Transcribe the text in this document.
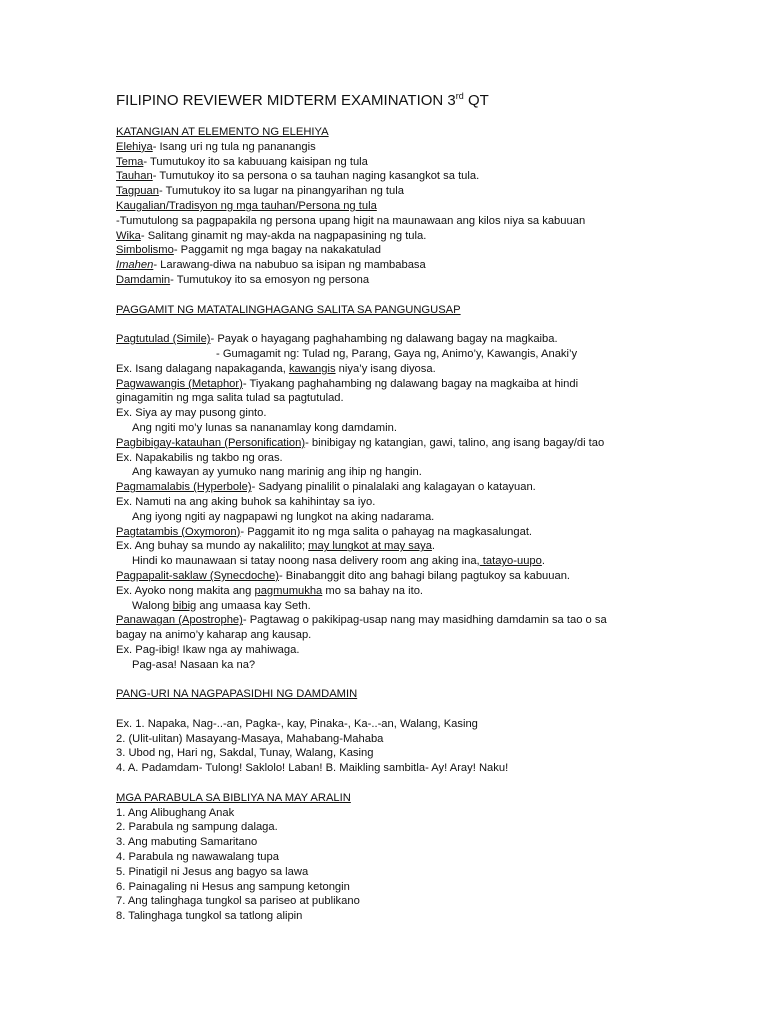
FILIPINO REVIEWER MIDTERM EXAMINATION 3rd QT
KATANGIAN AT ELEMENTO NG ELEHIYA
Elehiya- Isang uri ng tula ng pananangis
Tema- Tumutukoy ito sa kabuuang kaisipan ng tula
Tauhan- Tumutukoy ito sa persona o sa tauhan naging kasangkot sa tula.
Tagpuan- Tumutukoy ito sa lugar na pinangyarihan ng tula
Kaugalian/Tradisyon ng mga tauhan/Persona ng tula
-Tumutulong sa pagpapakila ng persona upang higit na maunawaan ang kilos niya sa kabuuan
Wika- Salitang ginamit ng may-akda na nagpapasining ng tula.
Simbolismo- Paggamit ng mga bagay na nakakatulad
Imahen- Larawang-diwa na nabubuo sa isipan ng mambabasa
Damdamin- Tumutukoy ito sa emosyon ng persona
PAGGAMIT NG MATATALINGHAGANG SALITA SA PANGUNGUSAP
Pagtutulad (Simile)- Payak o hayagang paghahambing ng dalawang bagay na magkaiba.
- Gumagamit ng: Tulad ng, Parang, Gaya ng, Animo’y, Kawangis, Anaki’y
Ex. Isang dalagang napakaganda, kawangis niya’y isang diyosa.
Pagwawangis (Metaphor)- Tiyakang paghahambing ng dalawang bagay na magkaiba at hindi
ginagamitin ng mga salita tulad sa pagtutulad.
Ex. Siya ay may pusong ginto.
Ang ngiti mo’y lunas sa nananamlay kong damdamin.
Pagbibigay-katauhan (Personification)- binibigay ng katangian, gawi, talino, ang isang bagay/di tao
Ex. Napakabilis ng takbo ng oras.
Ang kawayan ay yumuko nang marinig ang ihip ng hangin.
Pagmamalabis (Hyperbole)- Sadyang pinalilit o pinalalaki ang kalagayan o katayuan.
Ex. Namuti na ang aking buhok sa kahihintay sa iyo.
Ang iyong ngiti ay nagpapawi ng lungkot na aking nadarama.
Pagtatambis (Oxymoron)- Paggamit ito ng mga salita o pahayag na magkasalungat.
Ex. Ang buhay sa mundo ay nakalilito; may lungkot at may saya.
Hindi ko maunawaan si tatay noong nasa delivery room ang aking ina, tatayo-uupo.
Pagpapalit-saklaw (Synecdoche)- Binabanggit dito ang bahagi bilang pagtukoy sa kabuuan.
Ex. Ayoko nong makita ang pagmumukha mo sa bahay na ito.
Walong bibig ang umaasa kay Seth.
Panawagan (Apostrophe)- Pagtawag o pakikipag-usap nang may masidhing damdamin sa tao o sa
bagay na animo’y kaharap ang kausap.
Ex. Pag-ibig! Ikaw nga ay mahiwaga.
Pag-asa! Nasaan ka na?
PANG-URI NA NAGPAPASIDHI NG DAMDAMIN
Ex. 1. Napaka, Nag-..-an, Pagka-, kay, Pinaka-, Ka-..-an, Walang, Kasing
2. (Ulit-ulitan) Masayang-Masaya, Mahabang-Mahaba
3. Ubod ng, Hari ng, Sakdal, Tunay, Walang, Kasing
4. A. Padamdam- Tulong! Saklolo! Laban! B. Maikling sambitla- Ay! Aray! Naku!
MGA PARABULA SA BIBLIYA NA MAY ARALIN
1. Ang Alibughang Anak
2. Parabula ng sampung dalaga.
3. Ang mabuting Samaritano
4. Parabula ng nawawalang tupa
5. Pinatigil ni Jesus ang bagyo sa lawa
6. Painagaling ni Hesus ang sampung ketongin
7. Ang talinghaga tungkol sa pariseo at publikano
8. Talinghaga tungkol sa tatlong alipin
